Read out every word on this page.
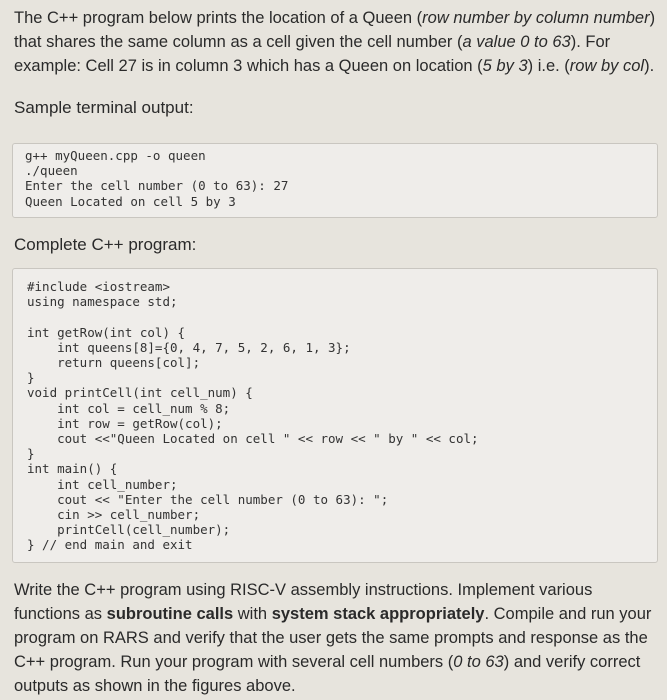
The C++ program below prints the location of a Queen (row number by column number) that shares the same column as a cell given the cell number (a value 0 to 63). For example: Cell 27 is in column 3 which has a Queen on location (5 by 3) i.e. (row by col).

Sample terminal output:

g++ myQueen.cpp -o queen
./queen
Enter the cell number (0 to 63): 27
Queen Located on cell 5 by 3

Complete C++ program:

#include <iostream>
using namespace std;

int getRow(int col) {
int queens[8]={0, 4, 7, 5, 2, 6, 1, 3};
return queens[col];
}
void printCell(int cell_num) {
int col = cell_num % 8;
int row = getRow(col);
cout <<"Queen Located on cell " << row << " by " << col;
}
int main() {
int cell_number;
cout << "Enter the cell number (0 to 63): ";
cin >> cell_number;
printCell(cell_number);
} // end main and exit

Write the C++ program using RISC-V assembly instructions. Implement various functions as subroutine calls with system stack appropriately. Compile and run your program on RARS and verify that the user gets the same prompts and response as the C++ program. Run your program with several cell numbers (0 to 63) and verify correct outputs as shown in the figures above.
